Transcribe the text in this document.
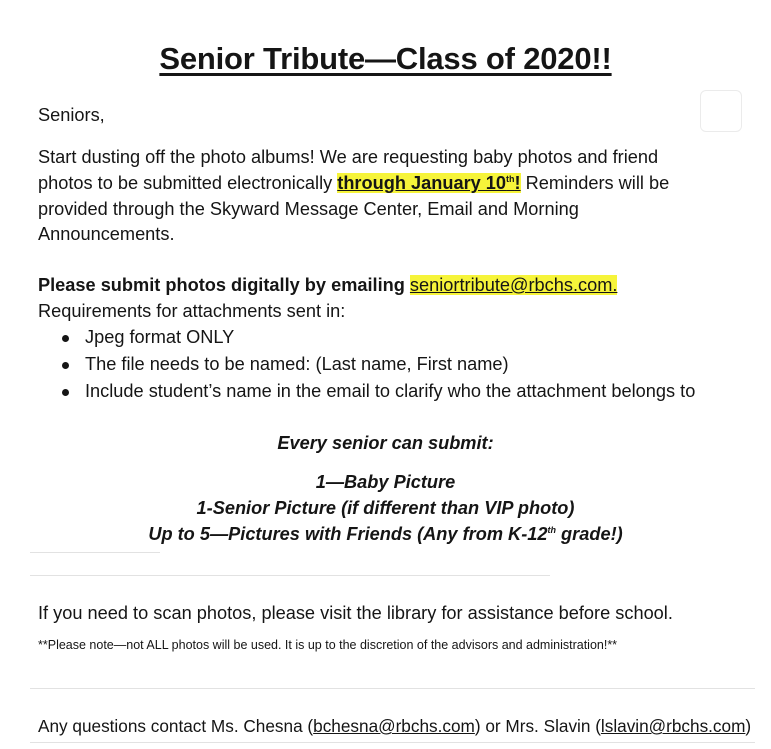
Senior Tribute—Class of 2020!!
Seniors,
Start dusting off the photo albums! We are requesting baby photos and friend
photos to be submitted electronically through January 10th! Reminders will be
provided through the Skyward Message Center, Email and Morning
Announcements.
Please submit photos digitally by emailing seniortribute@rbchs.com.
Requirements for attachments sent in:
Jpeg format ONLY
The file needs to be named: (Last name, First name)
Include student’s name in the email to clarify who the attachment belongs to
Every senior can submit:
1—Baby Picture
1-Senior Picture (if different than VIP photo)
Up to 5—Pictures with Friends (Any from K-12th grade!)
If you need to scan photos, please visit the library for assistance before school.
**Please note—not ALL photos will be used. It is up to the discretion of the advisors and administration!**
Any questions contact Ms. Chesna (bchesna@rbchs.com) or Mrs. Slavin (lslavin@rbchs.com)
